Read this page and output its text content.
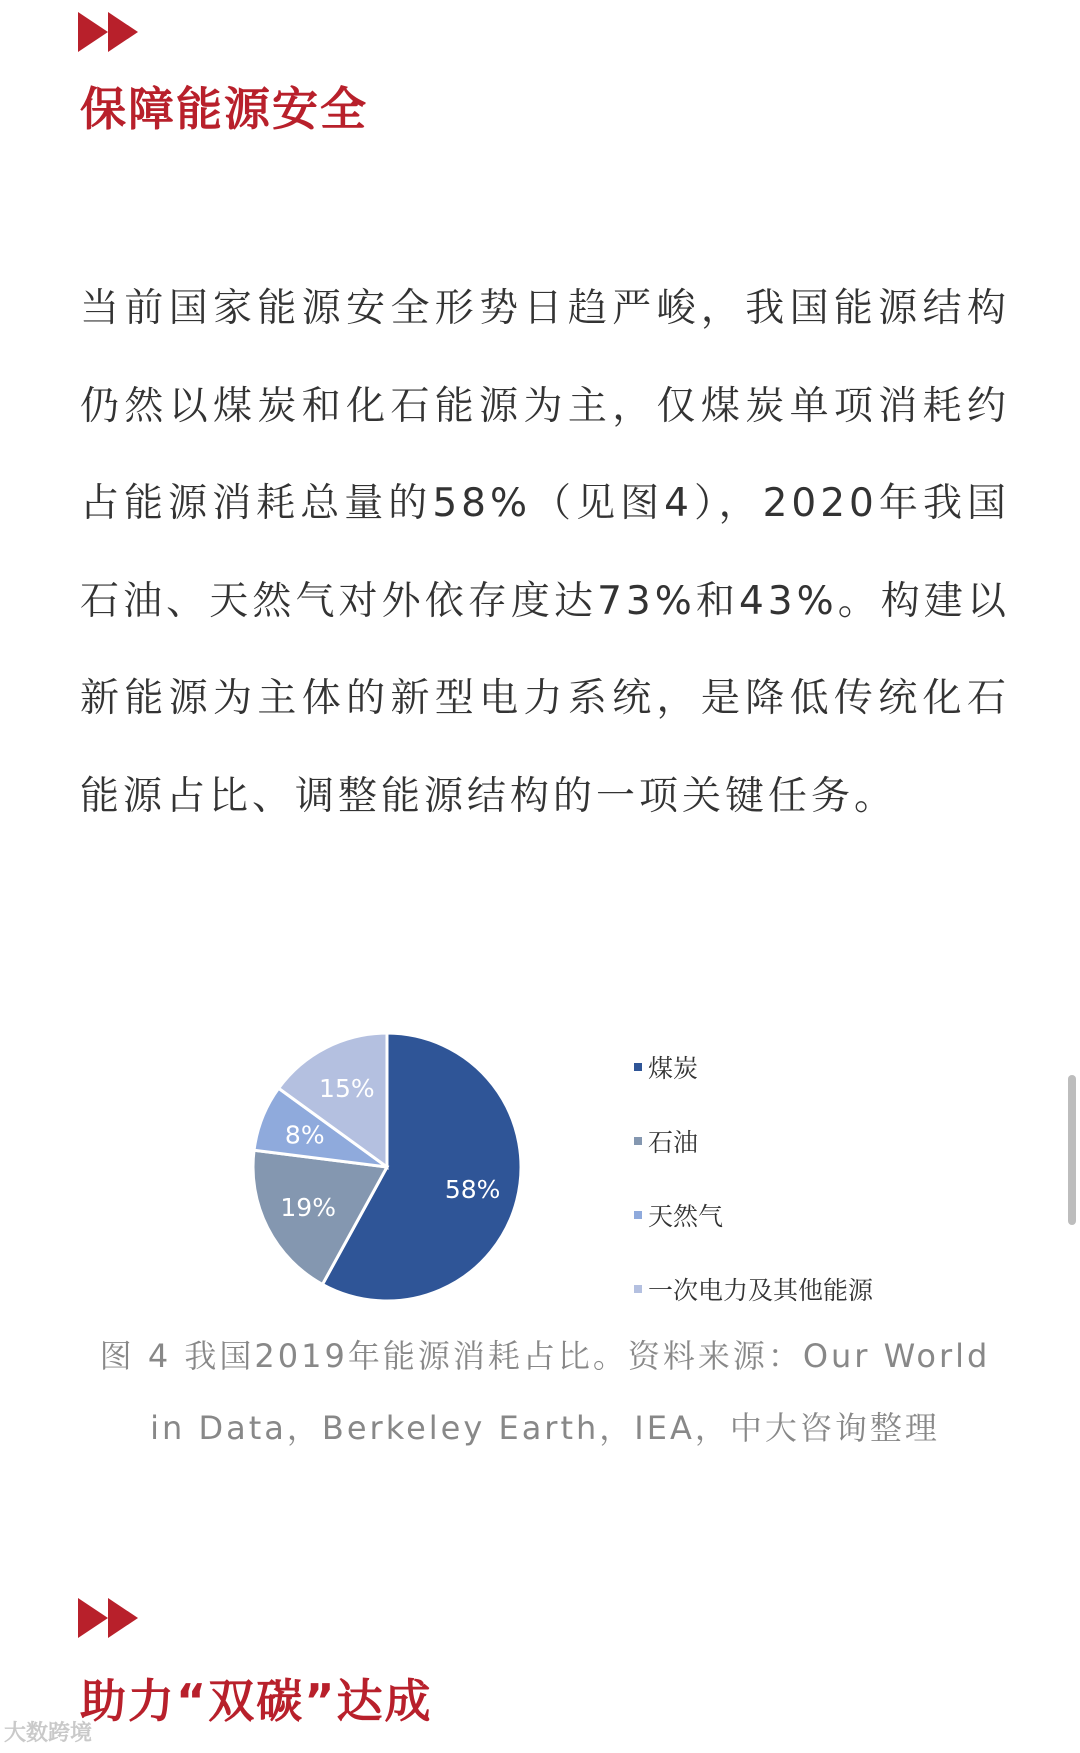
保障能源安全

当前国家能源安全形势日趋严峻，我国能源结构仍然以煤炭和化石能源为主，仅煤炭单项消耗约占能源消耗总量的58%（见图4），2020年我国石油、天然气对外依存度达73%和43%。构建以新能源为主体的新型电力系统，是降低传统化石能源占比、调整能源结构的一项关键任务。

58%
19%
8%
15%
煤炭
石油
天然气
一次电力及其他能源

图 4 我国2019年能源消耗占比。资料来源：Our World in Data，Berkeley Earth，IEA，中大咨询整理

助力“双碳”达成
大数跨境
